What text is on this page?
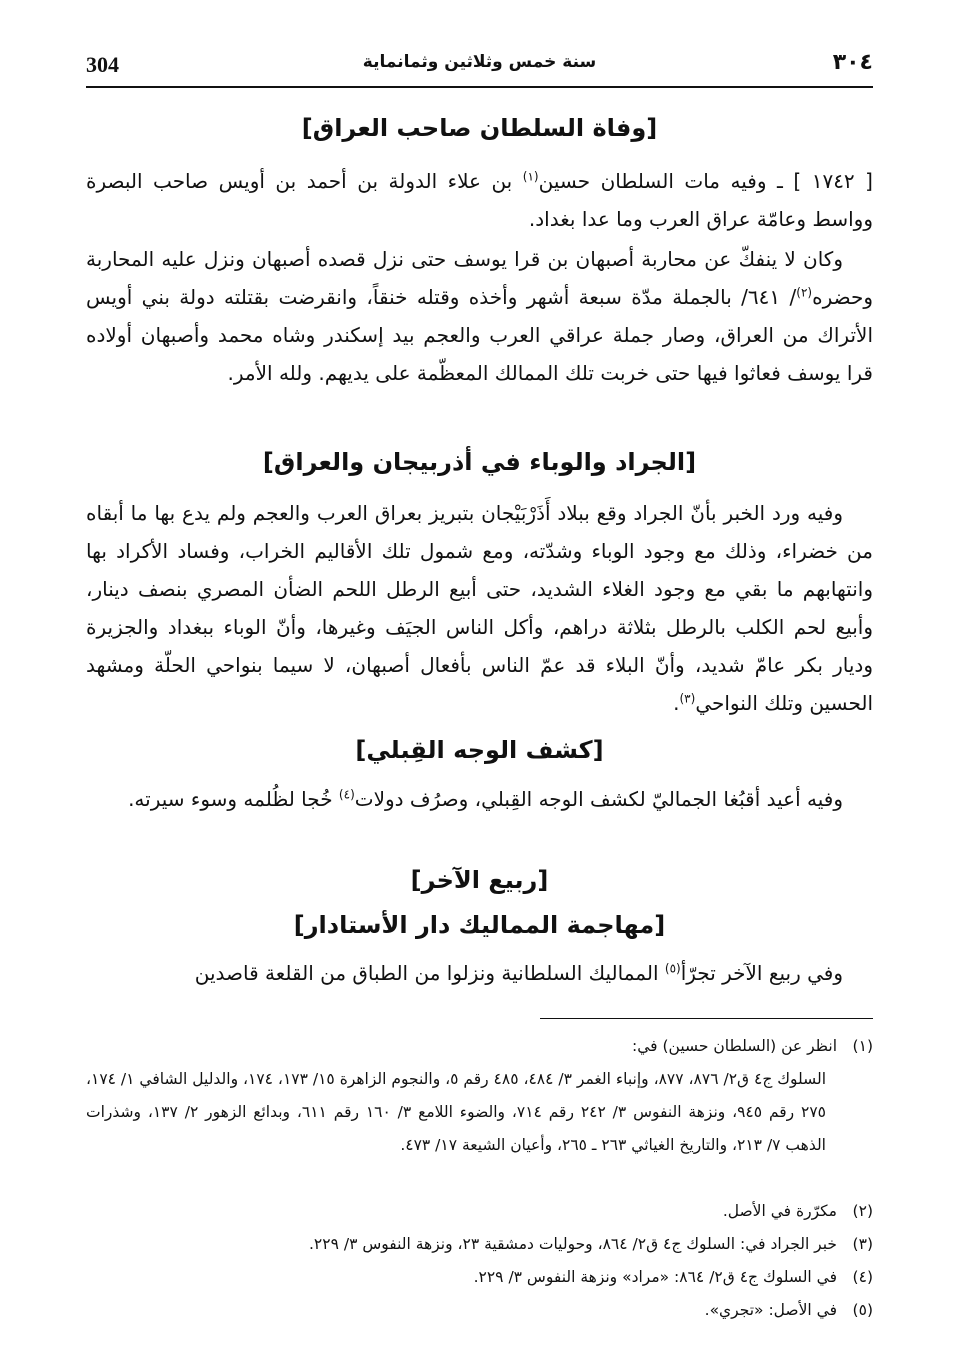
304	سنة خمس وثلاثين وثمانماية	٣٠٤
[وفاة السلطان صاحب العراق]
[ ١٧٤٢ ] ـ وفيه مات السلطان حسين$^{(١)}$ بن علاء الدولة بن أحمد بن أويس صاحب البصرة وواسط وعامّة عراق العرب وما عدا بغداد.
وكان لا ينفكّ عن محاربة أصبهان بن قرا يوسف حتى نزل قصده أصبهان ونزل عليه المحاربة وحضره$^{(٢)}$/ ٦٤١/ بالجملة مدّة سبعة أشهر وأخذه وقتله خنقاً، وانقرضت بقتلته دولة بني أويس الأتراك من العراق، وصار جملة عراقي العرب والعجم بيد إسكندر وشاه محمد وأصبهان أولاده قرا يوسف فعاثوا فيها حتى خربت تلك الممالك المعظّمة على يديهم. ولله الأمر.
[الجراد والوباء في أذربيجان والعراق]
وفيه ورد الخبر بأنّ الجراد وقع ببلاد أَذَرْبَيْجان بتبريز بعراق العرب والعجم ولم يدع بها ما أبقاه من خضراء، وذلك مع وجود الوباء وشدّته، ومع شمول تلك الأقاليم الخراب، وفساد الأكراد بها وانتهابهم ما بقي مع وجود الغلاء الشديد، حتى أبيع الرطل اللحم الضأن المصري بنصف دينار، وأبيع لحم الكلب بالرطل بثلاثة دراهم، وأكل الناس الجيَف وغيرها، وأنّ الوباء ببغداد والجزيرة وديار بكر عامّ شديد، وأنّ البلاء قد عمّ الناس بأفعال أصبهان، لا سيما بنواحي الحلّة ومشهد الحسين وتلك النواحي$^{(٣)}$.
[كشف الوجه القِبلي]
وفيه أعيد أقبُغا الجماليّ لكشف الوجه القِبلي، وصرُف دولات$^{(٤)}$ خُجا لظُلمه وسوء سيرته.
[ربيع الآخر]
[مهاجمة المماليك دار الأستادار]
وفي ربيع الآخر تجرّأ$^{(٥)}$ المماليك السلطانية ونزلوا من الطباق من القلعة قاصدين
(١)انظر عن (السلطان حسين) في:
السلوك ج٤ ق٢/ ٨٧٦، ٨٧٧، وإنباء الغمر ٣/ ٤٨٤، ٤٨٥ رقم ٥، والنجوم الزاهرة ١٥/ ١٧٣، ١٧٤، والدليل الشافي ١/ ١٧٤، ٢٧٥ رقم ٩٤٥، ونزهة النفوس ٣/ ٢٤٢ رقم ٧١٤، والضوء اللامع ٣/ ١٦٠ رقم ٦١١، وبدائع الزهور ٢/ ١٣٧، وشذرات الذهب ٧/ ٢١٣، والتاريخ الغياثي ٢٦٣ ـ ٢٦٥، وأعيان الشيعة ١٧/ ٤٧٣.
(٢)مكرّرة في الأصل.
(٣)خبر الجراد في: السلوك ج٤ ق٢/ ٨٦٤، وحوليات دمشقية ٢٣، ونزهة النفوس ٣/ ٢٢٩.
(٤)في السلوك ج٤ ق٢/ ٨٦٤: «مراد» ونزهة النفوس ٣/ ٢٢٩.
(٥)في الأصل: «تجري».
